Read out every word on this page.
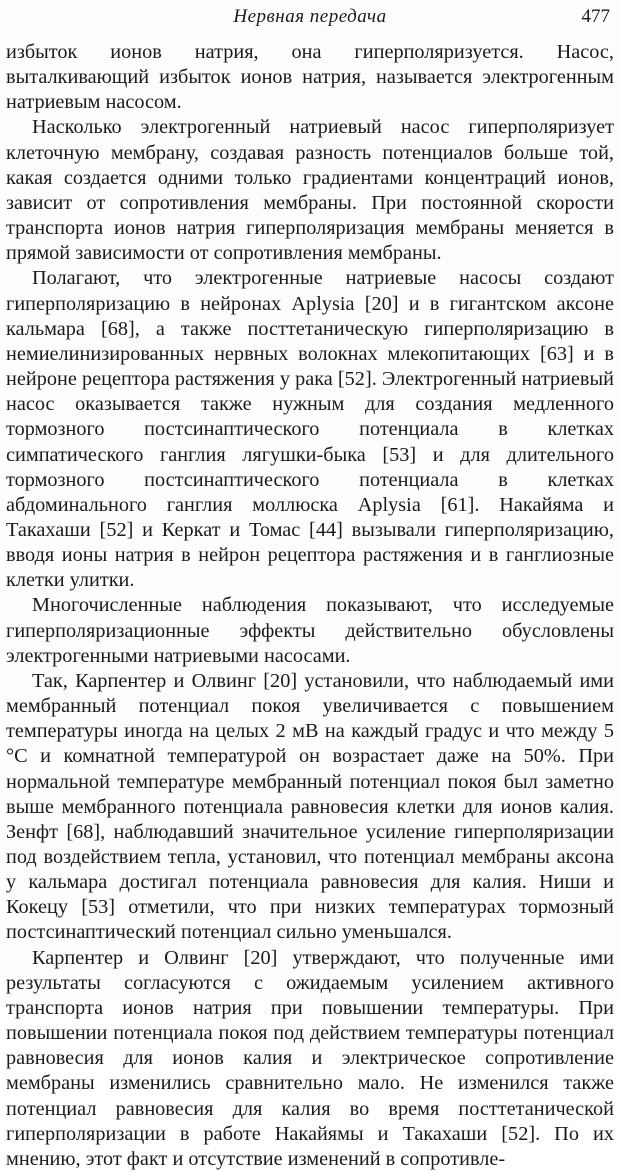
Нервная передача	477

избыток ионов натрия, она гиперполяризуется. Насос, выталкивающий избыток ионов натрия, называется электрогенным натриевым насосом.

Насколько электрогенный натриевый насос гиперполяризует клеточную мембрану, создавая разность потенциалов больше той, какая создается одними только градиентами концентраций ионов, зависит от сопротивления мембраны. При постоянной скорости транспорта ионов натрия гиперполяризация мембраны меняется в прямой зависимости от сопротивления мембраны.

Полагают, что электрогенные натриевые насосы создают гиперполяризацию в нейронах Aplysia [20] и в гигантском аксоне кальмара [68], а также посттетаническую гиперполяризацию в немиелинизированных нервных волокнах млекопитающих [63] и в нейроне рецептора растяжения у рака [52]. Электрогенный натриевый насос оказывается также нужным для создания медленного тормозного постсинаптического потенциала в клетках симпатического ганглия лягушки-быка [53] и для длительного тормозного постсинаптического потенциала в клетках абдоминального ганглия моллюска Aplysia [61]. Накайяма и Такахаши [52] и Керкат и Томас [44] вызывали гиперполяризацию, вводя ионы натрия в нейрон рецептора растяжения и в ганглиозные клетки улитки.

Многочисленные наблюдения показывают, что исследуемые гиперполяризационные эффекты действительно обусловлены электрогенными натриевыми насосами.

Так, Карпентер и Олвинг [20] установили, что наблюдаемый ими мембранный потенциал покоя увеличивается с повышением температуры иногда на целых 2 мВ на каждый градус и что между 5 °С и комнатной температурой он возрастает даже на 50%. При нормальной температуре мембранный потенциал покоя был заметно выше мембранного потенциала равновесия клетки для ионов калия. Зенфт [68], наблюдавший значительное усиление гиперполяризации под воздействием тепла, установил, что потенциал мембраны аксона у кальмара достигал потенциала равновесия для калия. Ниши и Кокецу [53] отметили, что при низких температурах тормозный постсинаптический потенциал сильно уменьшался.

Карпентер и Олвинг [20] утверждают, что полученные ими результаты согласуются с ожидаемым усилением активного транспорта ионов натрия при повышении температуры. При повышении потенциала покоя под действием температуры потенциал равновесия для ионов калия и электрическое сопротивление мембраны изменились сравнительно мало. Не изменился также потенциал равновесия для калия во время посттетанической гиперполяризации в работе Накайямы и Такахаши [52]. По их мнению, этот факт и отсутствие изменений в сопротивле-
